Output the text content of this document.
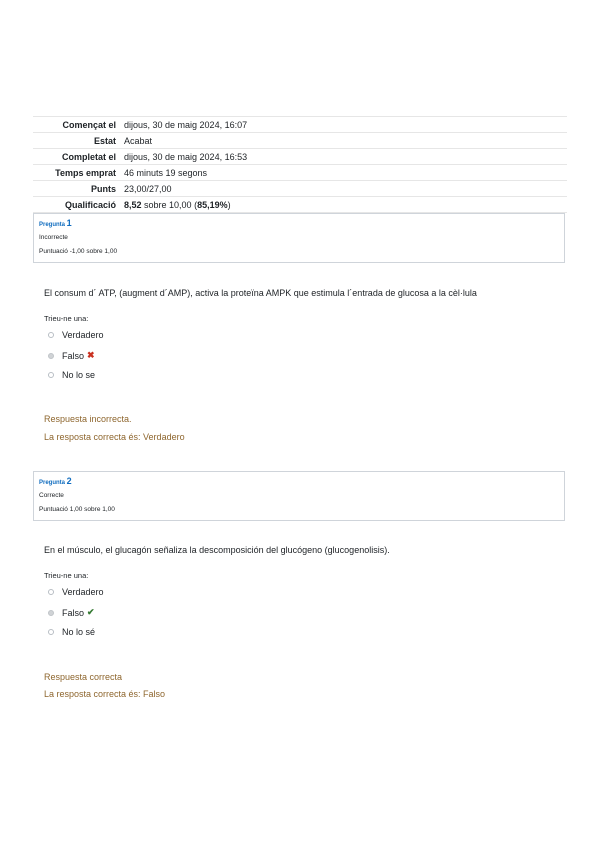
Començat el	dijous, 30 de maig 2024, 16:07
Estat	Acabat
Completat el	dijous, 30 de maig 2024, 16:53
Temps emprat	46 minuts 19 segons
Punts	23,00/27,00
Qualificació	8,52 sobre 10,00 (85,19%)
Pregunta 1
Incorrecte
Puntuació -1,00 sobre 1,00
El consum d´ ATP, (augment d´AMP), activa la proteïna AMPK que estimula l´entrada de glucosa a la cèl·lula
Trieu-ne una:
Verdadero
Falso ✖
No lo se
Respuesta incorrecta.
La resposta correcta és: Verdadero
Pregunta 2
Correcte
Puntuació 1,00 sobre 1,00
En el músculo, el glucagón señaliza la descomposición del glucógeno (glucogenolisis).
Trieu-ne una:
Verdadero
Falso ✔
No lo sé
Respuesta correcta
La resposta correcta és: Falso
